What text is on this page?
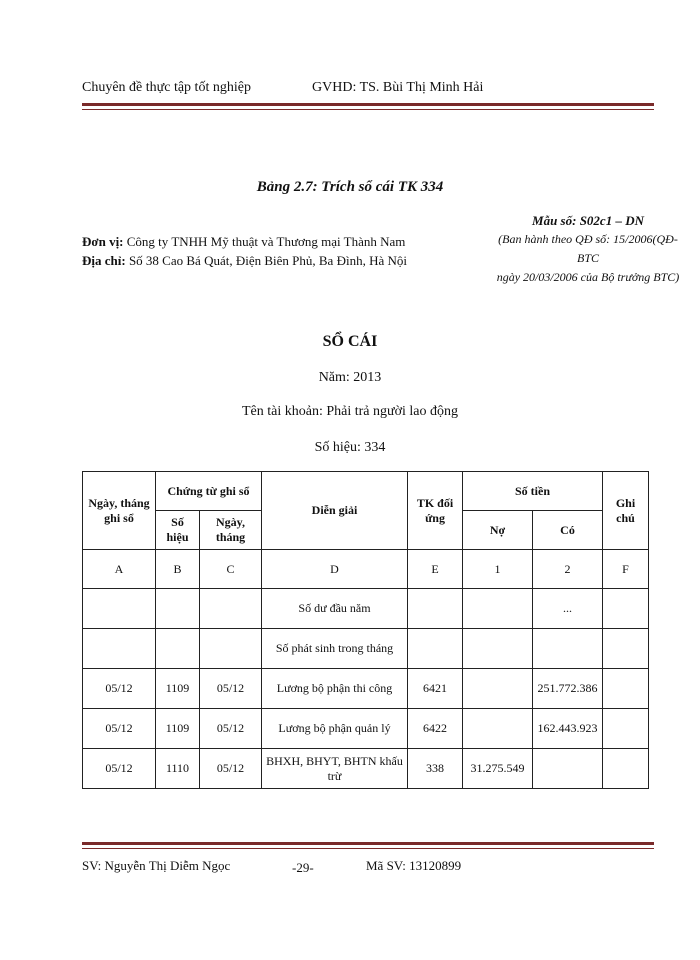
Chuyên đề thực tập tốt nghiệp	GVHD: TS. Bùi Thị Minh Hải
Bảng 2.7: Trích sổ cái TK 334
Đơn vị: Công ty TNHH Mỹ thuật và Thương mại Thành Nam
Địa chỉ: Số 38 Cao Bá Quát, Điện Biên Phủ, Ba Đình, Hà Nội
Mẫu số: S02c1 – DN
(Ban hành theo QĐ số: 15/2006(QĐ-BTC
ngày 20/03/2006 của Bộ trưởng BTC)
SỔ CÁI
Năm: 2013
Tên tài khoản: Phải trả người lao động
Số hiệu: 334
Ngày, tháng ghi sổ	Chứng từ ghi sổ		Diễn giải	TK đối ứng	Số tiền		Ghi chú
	Số hiệu	Ngày, tháng			Nợ	Có	
A	B	C	D	E	1	2	F
			Số dư đầu năm			...	
			Số phát sinh trong tháng				
05/12	1109	05/12	Lương bộ phận thi công	6421		251.772.386	
05/12	1109	05/12	Lương bộ phận quản lý	6422		162.443.923	
05/12	1110	05/12	BHXH, BHYT, BHTN khấu trừ	338	31.275.549		
SV: Nguyễn Thị Diễm Ngọc	-29-	Mã SV: 13120899
